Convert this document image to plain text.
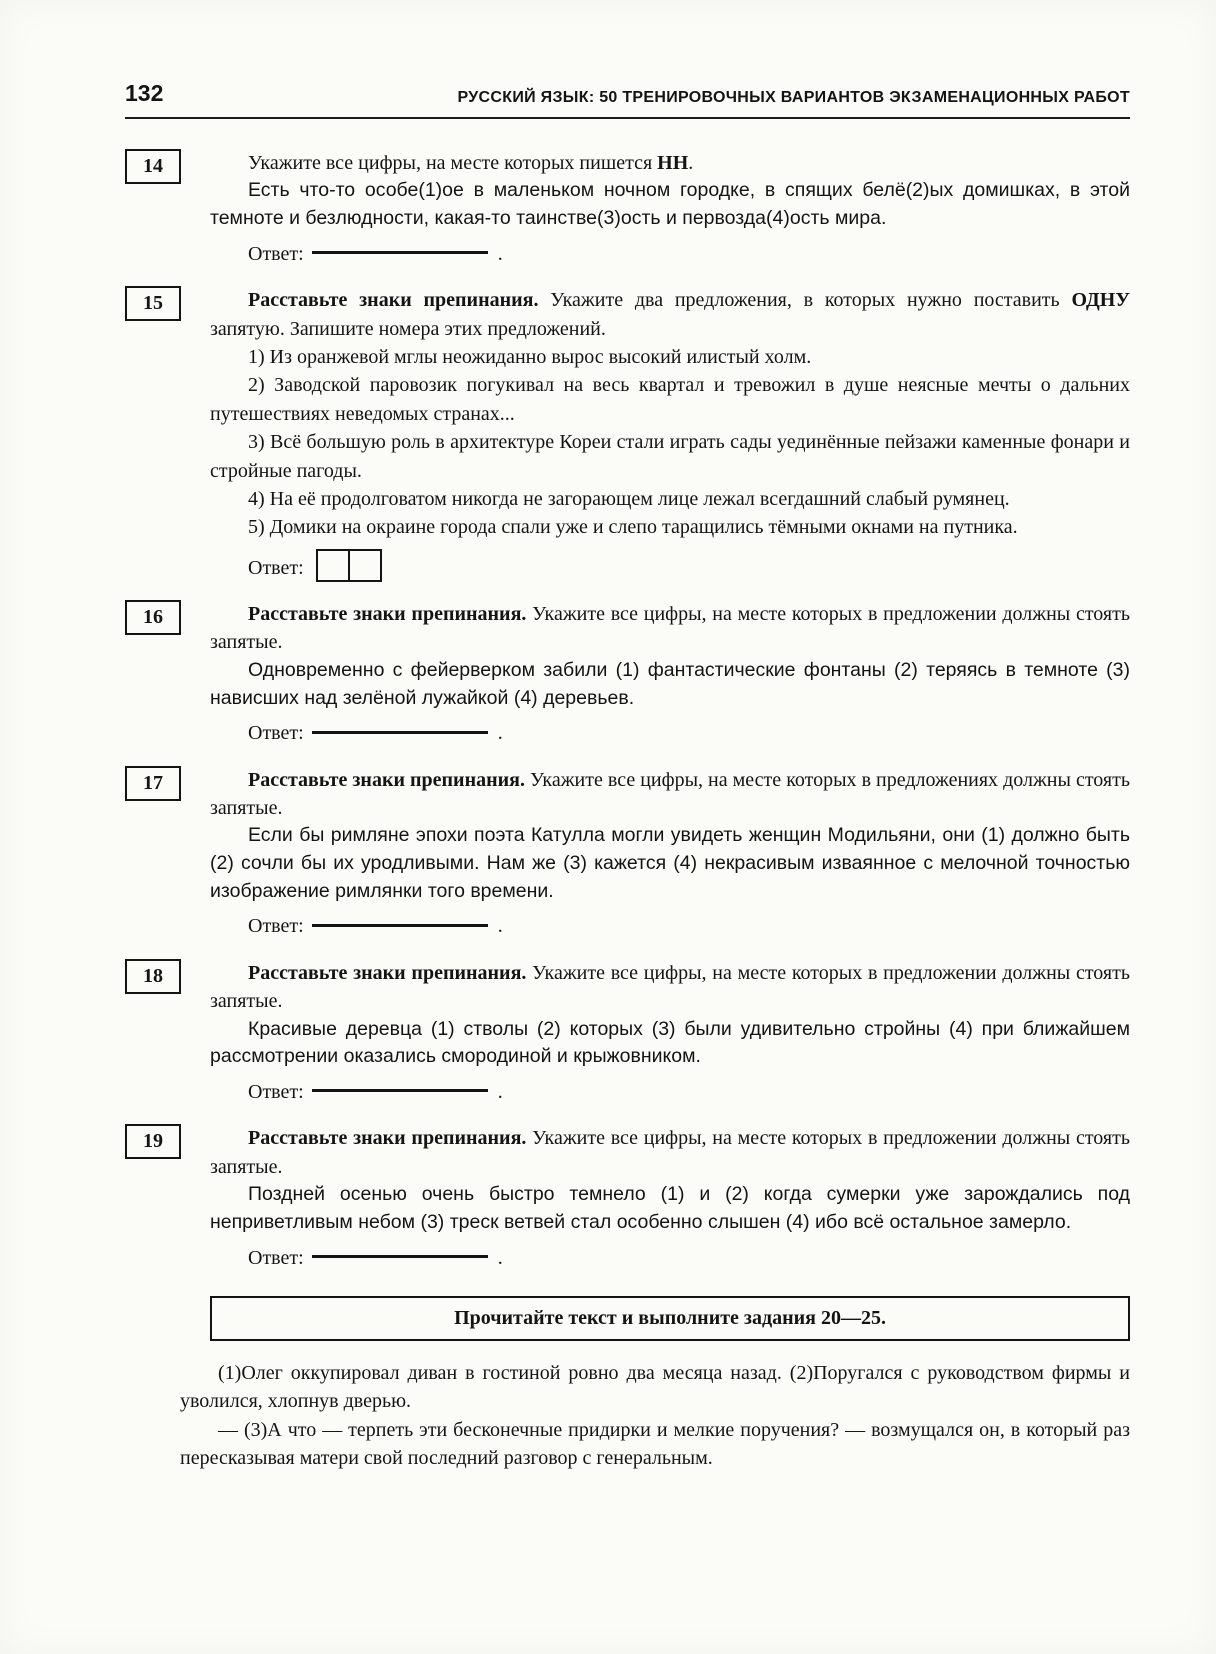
132	РУССКИЙ ЯЗЫК: 50 ТРЕНИРОВОЧНЫХ ВАРИАНТОВ ЭКЗАМЕНАЦИОННЫХ РАБОТ
14	Укажите все цифры, на месте которых пишется НН.

Есть что-то особе(1)ое в маленьком ночном городке, в спящих белё(2)ых домишках, в этой темноте и безлюдности, какая-то таинстве(3)ость и первозда(4)ость мира.

Ответ:	.
15	Расставьте знаки препинания. Укажите два предложения, в которых нужно поставить ОДНУ запятую. Запишите номера этих предложений.

1) Из оранжевой мглы неожиданно вырос высокий илистый холм.

2) Заводской паровозик погукивал на весь квартал и тревожил в душе неясные мечты о дальних путешествиях неведомых странах...

3) Всё большую роль в архитектуре Кореи стали играть сады уединённые пейзажи каменные фонари и стройные пагоды.

4) На её продолговатом никогда не загорающем лице лежал всегдашний слабый румянец.

5) Домики на окраине города спали уже и слепо таращились тёмными окнами на путника.

Ответ:
16	Расставьте знаки препинания. Укажите все цифры, на месте которых в предложении должны стоять запятые.

Одновременно с фейерверком забили (1) фантастические фонтаны (2) теряясь в темноте (3) нависших над зелёной лужайкой (4) деревьев.

Ответ:	.
17	Расставьте знаки препинания. Укажите все цифры, на месте которых в предложениях должны стоять запятые.

Если бы римляне эпохи поэта Катулла могли увидеть женщин Модильяни, они (1) должно быть (2) сочли бы их уродливыми. Нам же (3) кажется (4) некрасивым изваянное с мелочной точностью изображение римлянки того времени.

Ответ:	.
18	Расставьте знаки препинания. Укажите все цифры, на месте которых в предложении должны стоять запятые.

Красивые деревца (1) стволы (2) которых (3) были удивительно стройны (4) при ближайшем рассмотрении оказались смородиной и крыжовником.

Ответ:	.
19	Расставьте знаки препинания. Укажите все цифры, на месте которых в предложении должны стоять запятые.

Поздней осенью очень быстро темнело (1) и (2) когда сумерки уже зарождались под неприветливым небом (3) треск ветвей стал особенно слышен (4) ибо всё остальное замерло.

Ответ:	.
Прочитайте текст и выполните задания 20—25.

(1)Олег оккупировал диван в гостиной ровно два месяца назад. (2)Поругался с руководством фирмы и уволился, хлопнув дверью.

— (3)А что — терпеть эти бесконечные придирки и мелкие поручения? — возмущался он, в который раз пересказывая матери свой последний разговор с генеральным.
